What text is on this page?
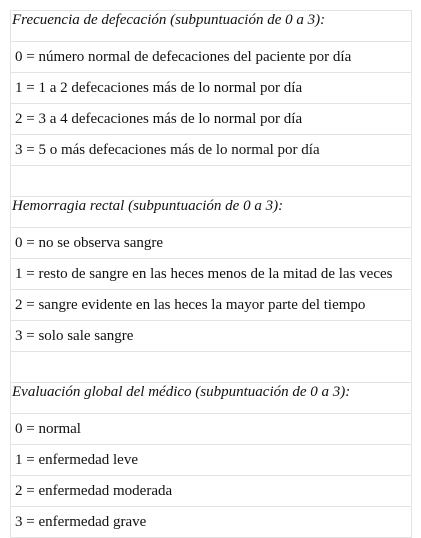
Frecuencia de defecación (subpuntuación de 0 a 3):
0 = número normal de defecaciones del paciente por día
1 = 1 a 2 defecaciones más de lo normal por día
2 = 3 a 4 defecaciones más de lo normal por día
3 = 5 o más defecaciones más de lo normal por día
Hemorragia rectal (subpuntuación de 0 a 3):
0 = no se observa sangre
1 = resto de sangre en las heces menos de la mitad de las veces
2 = sangre evidente en las heces la mayor parte del tiempo
3 = solo sale sangre
Evaluación global del médico (subpuntuación de 0 a 3):
0 = normal
1 = enfermedad leve
2 = enfermedad moderada
3 = enfermedad grave
